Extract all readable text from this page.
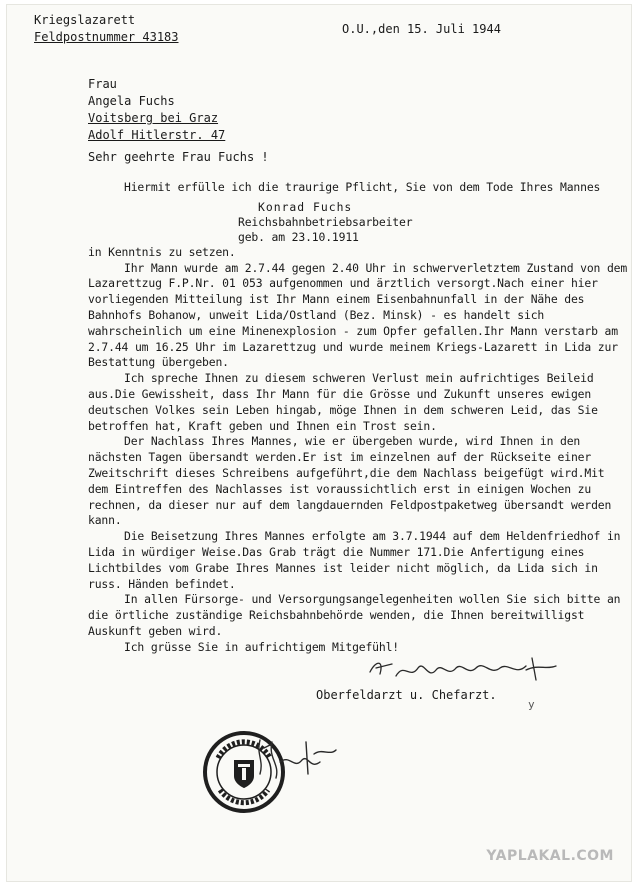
Kriegslazarett
Feldpostnummer 43183
O.U.,den 15. Juli 1944
Frau
Angela Fuchs
Voitsberg bei Graz
Adolf Hitlerstr. 47
Sehr geehrte Frau Fuchs !

Hiermit erfülle ich die traurige Pflicht, Sie von dem Tode Ihres Mannes

Konrad Fuchs
Reichsbahnbetriebsarbeiter
geb. am 23.10.1911

in Kenntnis zu setzen.

Ihr Mann wurde am 2.7.44 gegen 2.40 Uhr in schwerverletztem Zustand von dem Lazarettzug F.P.Nr. 01 053 aufgenommen und ärztlich versorgt.Nach einer hier vorliegenden Mitteilung ist Ihr Mann einem Eisenbahnunfall in der Nähe des Bahnhofs Bohanow, unweit Lida/Ostland (Bez. Minsk) - es handelt sich wahrscheinlich um eine Minenexplosion - zum Opfer gefallen.Ihr Mann verstarb am 2.7.44 um 16.25 Uhr im Lazarettzug und wurde meinem Kriegs-Lazarett in Lida zur Bestattung übergeben.

Ich spreche Ihnen zu diesem schweren Verlust mein aufrichtiges Beileid aus.Die Gewissheit, dass Ihr Mann für die Grösse und Zukunft unseres ewigen deutschen Volkes sein Leben hingab, möge Ihnen in dem schweren Leid, das Sie betroffen hat, Kraft geben und Ihnen ein Trost sein.

Der Nachlass Ihres Mannes, wie er übergeben wurde, wird Ihnen in den nächsten Tagen übersandt werden.Er ist im einzelnen auf der Rückseite einer Zweitschrift dieses Schreibens aufgeführt,die dem Nachlass beigefügt wird.Mit dem Eintreffen des Nachlasses ist voraussichtlich erst in einigen Wochen zu rechnen, da dieser nur auf dem langdauernden Feldpostpaketweg übersandt werden kann.

Die Beisetzung Ihres Mannes erfolgte am 3.7.1944 auf dem Heldenfriedhof in Lida in würdiger Weise.Das Grab trägt die Nummer 171.Die Anfertigung eines Lichtbildes vom Grabe Ihres Mannes ist leider nicht möglich, da Lida sich in russ. Händen befindet.

In allen Fürsorge- und Versorgungsangelegenheiten wollen Sie sich bitte an die örtliche zuständige Reichsbahnbehörde wenden, die Ihnen bereitwilligst Auskunft geben wird.

Ich grüsse Sie in aufrichtigem Mitgefühl!

Oberfeldarzt u. Chefarzt.
y
YAPLAKAL.COM
